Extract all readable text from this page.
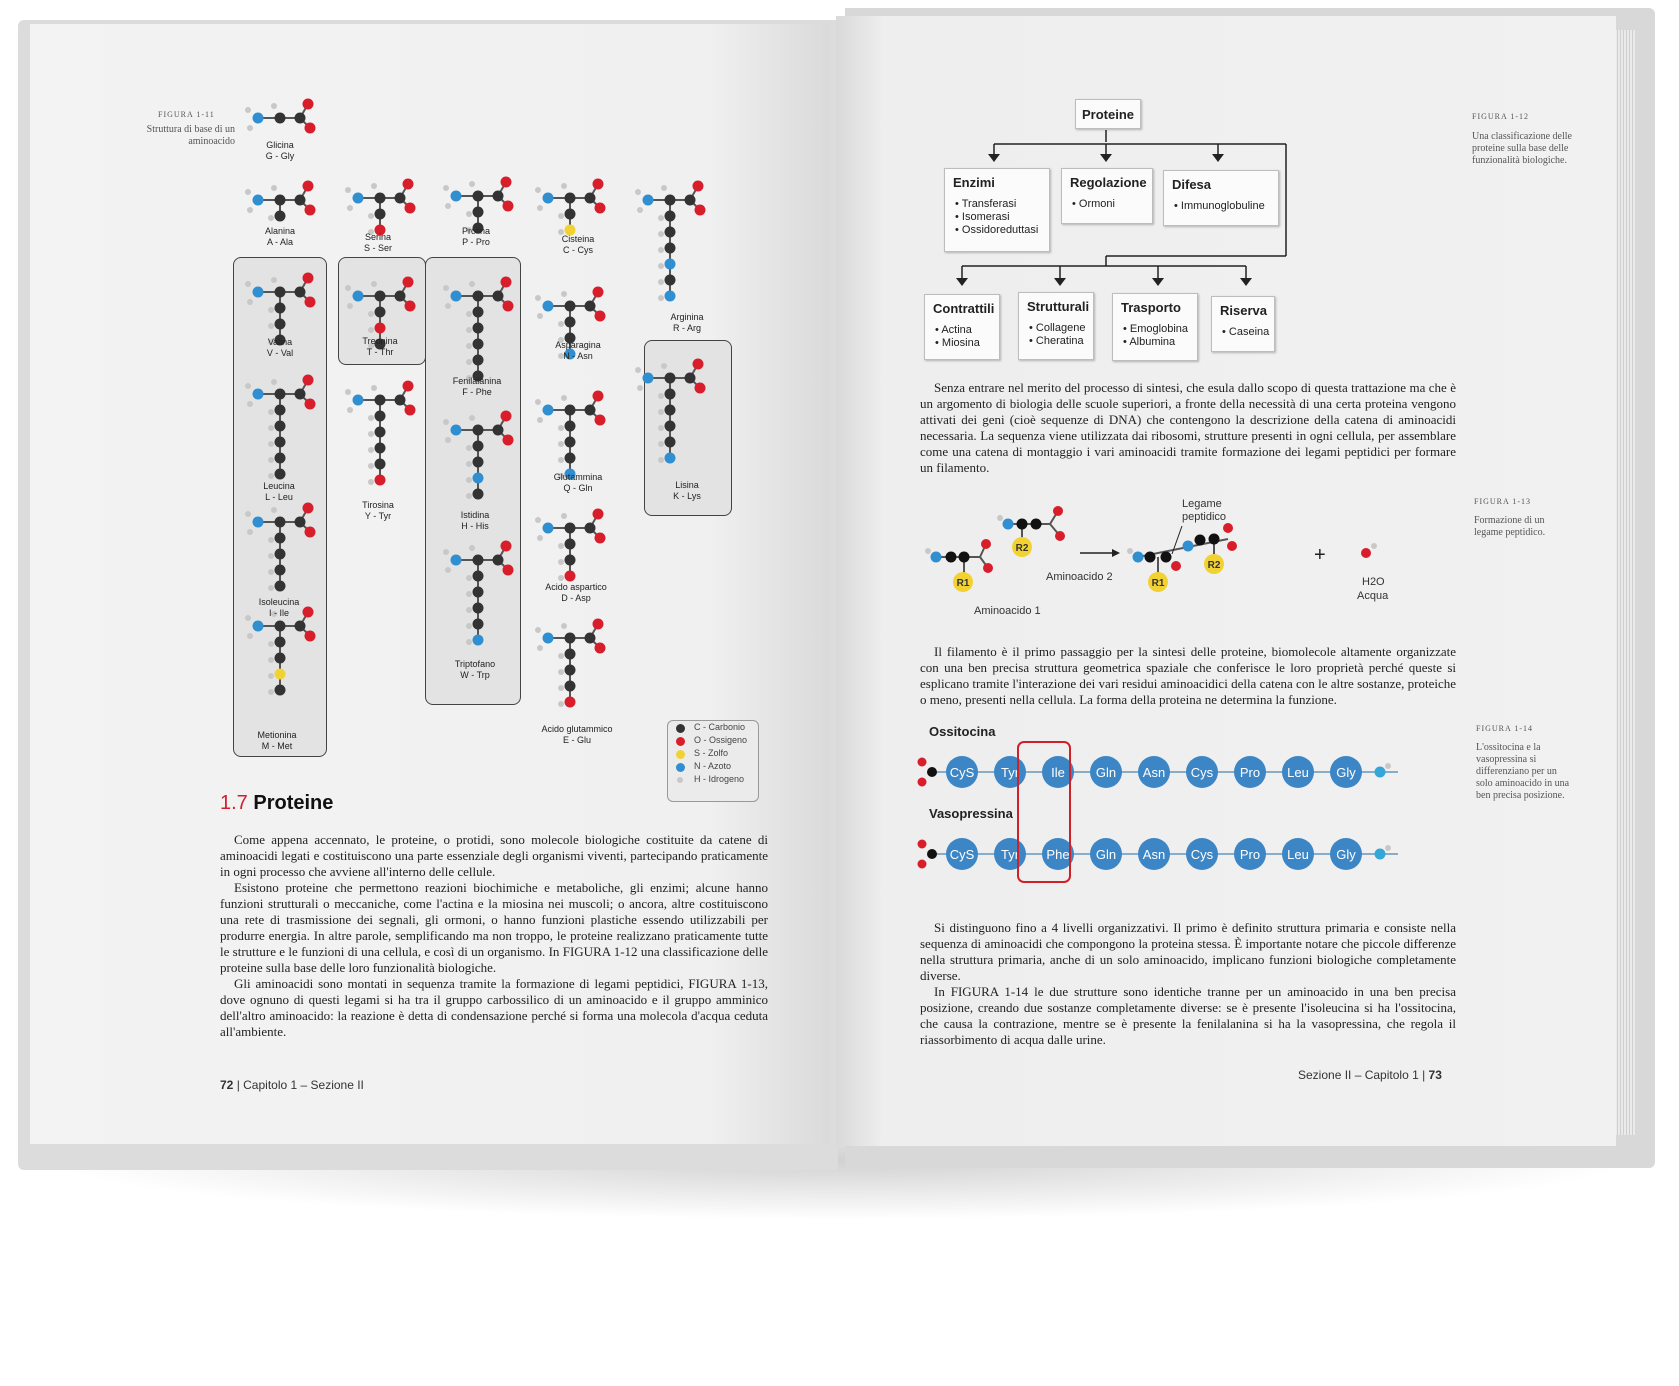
FIGURA 1-11
Struttura di base di un aminoacido	Glicina
G - Gly
Alanina
A - Ala
Valina
V - Val
Leucina
L - Leu
Isoleucina
I - Ile
Metionina
M - Met
Serina
S - Ser
Treonina
T - Thr
Tirosina
Y - Tyr
Prolina
P - Pro
Fenilalanina
F - Phe
Istidina
H - His
Triptofano
W - Trp
Cisteina
C - Cys
Asparagina
N - Asn
Glutammina
Q - Gln
Acido aspartico
D - Asp
Acido glutammico
E - Glu
Arginina
R - Arg
Lisina
K - Lys
C - Carbonio
O - Ossigeno
S - Zolfo
N - Azoto
H - Idrogeno
1.7 Proteine

Come appena accennato, le proteine, o protidi, sono molecole biologiche costituite da catene di aminoacidi legati e costituiscono una parte essenziale degli organismi viventi, partecipando praticamente in ogni processo che avviene all'interno delle cellule.

Esistono proteine che permettono reazioni biochimiche e metaboliche, gli enzimi; alcune hanno funzioni strutturali o meccaniche, come l'actina e la miosina nei muscoli; o ancora, altre costituiscono una rete di trasmissione dei segnali, gli ormoni, o hanno funzioni plastiche essendo utilizzabili per produrre energia. In altre parole, semplificando ma non troppo, le proteine realizzano praticamente tutte le strutture e le funzioni di una cellula, e così di un organismo. In FIGURA 1-12 una classificazione delle proteine sulla base delle loro funzionalità biologiche.

Gli aminoacidi sono montati in sequenza tramite la formazione di legami peptidici, FIGURA 1-13, dove ognuno di questi legami si ha tra il gruppo carbossilico di un aminoacido e il gruppo amminico dell'altro aminoacido: la reazione è detta di condensazione perché si forma una molecola d'acqua ceduta all'ambiente.

72 | Capitolo 1 – Sezione II
FIGURA 1-12
Una classificazione delle proteine sulla base delle funzionalità biologiche.
Proteine
Enzimi
• Transferasi
• Isomerasi
• Ossidoreduttasi
Regolazione
• Ormoni
Difesa
• Immunoglobuline
Contrattili
• Actina
• Miosina
Strutturali
• Collagene
• Cheratina
Trasporto
• Emoglobina
• Albumina
Riserva
• Caseina

Senza entrare nel merito del processo di sintesi, che esula dallo scopo di questa trattazione ma che è un argomento di biologia delle scuole superiori, a fronte della necessità di una certa proteina vengono attivati dei geni (cioè sequenze di DNA) che contengono la descrizione della catena di aminoacidi necessaria. La sequenza viene utilizzata dai ribosomi, strutture presenti in ogni cellula, per assemblare come una catena di montaggio i vari aminoacidi tramite formazione dei legami peptidici per formare un filamento.

FIGURA 1-13
Formazione di un legame peptidico.
R1
R2
R1
R2
Aminoacido 1
Aminoacido 2
Legame peptidico
+
H2O
Acqua

Il filamento è il primo passaggio per la sintesi delle proteine, biomolecole altamente organizzate con una ben precisa struttura geometrica spaziale che conferisce le loro proprietà perché queste si esplicano tramite l'interazione dei vari residui aminoacidici della catena con le altre sostanze, proteiche o meno, presenti nella cellula. La forma della proteina ne determina la funzione.

FIGURA 1-14
L'ossitocina e la vasopressina si differenziano per un solo aminoacido in una ben precisa posizione.
Ossitocina
Vasopressina
CyS Tyr Ile Gln Asn Cys Pro Leu Gly
CyS Tyr Phe Gln Asn Cys Pro Leu Gly

Si distinguono fino a 4 livelli organizzativi. Il primo è definito struttura primaria e consiste nella sequenza di aminoacidi che compongono la proteina stessa. È importante notare che piccole differenze nella struttura primaria, anche di un solo aminoacido, implicano funzioni biologiche completamente diverse.

In FIGURA 1-14 le due strutture sono identiche tranne per un aminoacido in una ben precisa posizione, creando due sostanze completamente diverse: se è presente l'isoleucina si ha l'ossitocina, che causa la contrazione, mentre se è presente la fenilalanina si ha la vasopressina, che regola il riassorbimento di acqua dalle urine.

Sezione II – Capitolo 1 | 73
